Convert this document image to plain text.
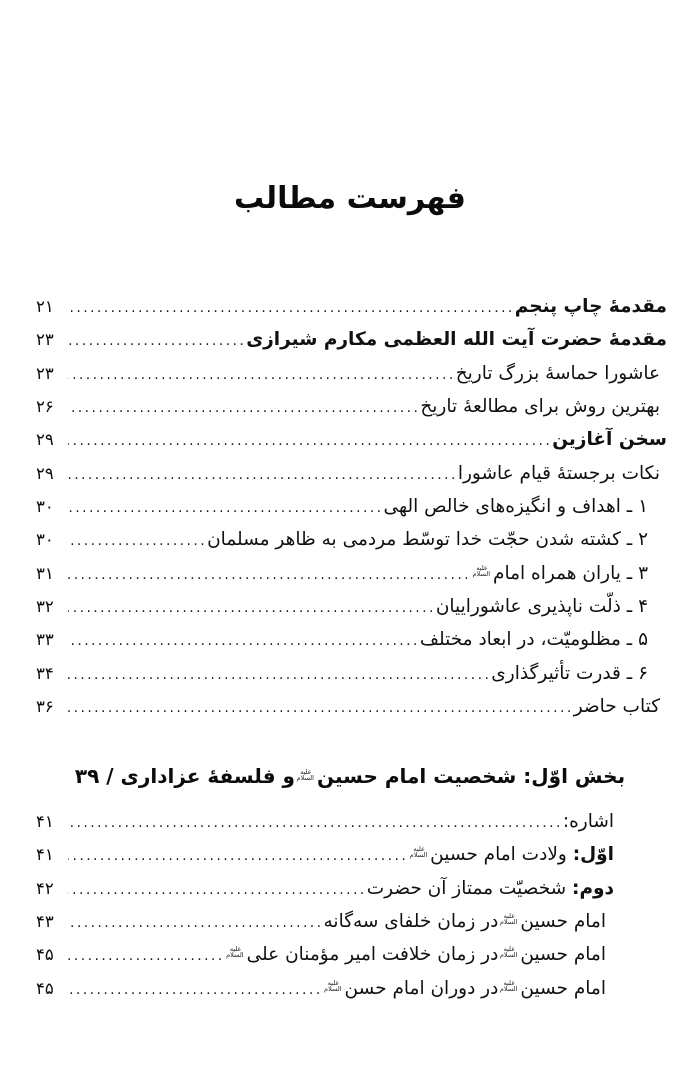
فهرست مطالب
مقدمهٔ چاپ پنجم
.....
۲۱
مقدمهٔ حضرت آیت الله العظمی مکارم شیرازی
.....
۲۳
عاشورا حماسهٔ بزرگ تاریخ
.....
۲۳
بهترین روش برای مطالعهٔ تاریخ
.....
۲۶
سخن آغازین
.....
۲۹
نکات برجستهٔ قیام عاشورا
.....
۲۹
۱ ـ اهداف و انگیزه‌های خالص الهی
.....
۳۰
۲ ـ کشته شدن حجّت خدا توسّط مردمی به ظاهر مسلمان
.....
۳۰
۳ ـ یاران همراه امامعلیه السلام
.....
۳۱
۴ ـ ذلّت ناپذیری عاشوراییان
.....
۳۲
۵ ـ مظلومیّت، در ابعاد مختلف
.....
۳۳
۶ ـ قدرت تأثیرگذاری
.....
۳۴
کتاب حاضر
.....
۳۶
بخش اوّل: شخصیت امام حسینعلیه السلامو فلسفهٔ عزاداری / ۳۹
اشاره:
.....
۴۱
اوّل: ولادت امام حسینعلیه السلام
.....
۴۱
دوم: شخصیّت ممتاز آن حضرت
.....
۴۲
امام حسینعلیه السلامدر زمان خلفای سه‌گانه
.....
۴۳
امام حسینعلیه السلامدر زمان خلافت امیر مؤمنان علیعلیه السلام
.....
۴۵
امام حسینعلیه السلامدر دوران امام حسنعلیه السلام
.....
۴۵
